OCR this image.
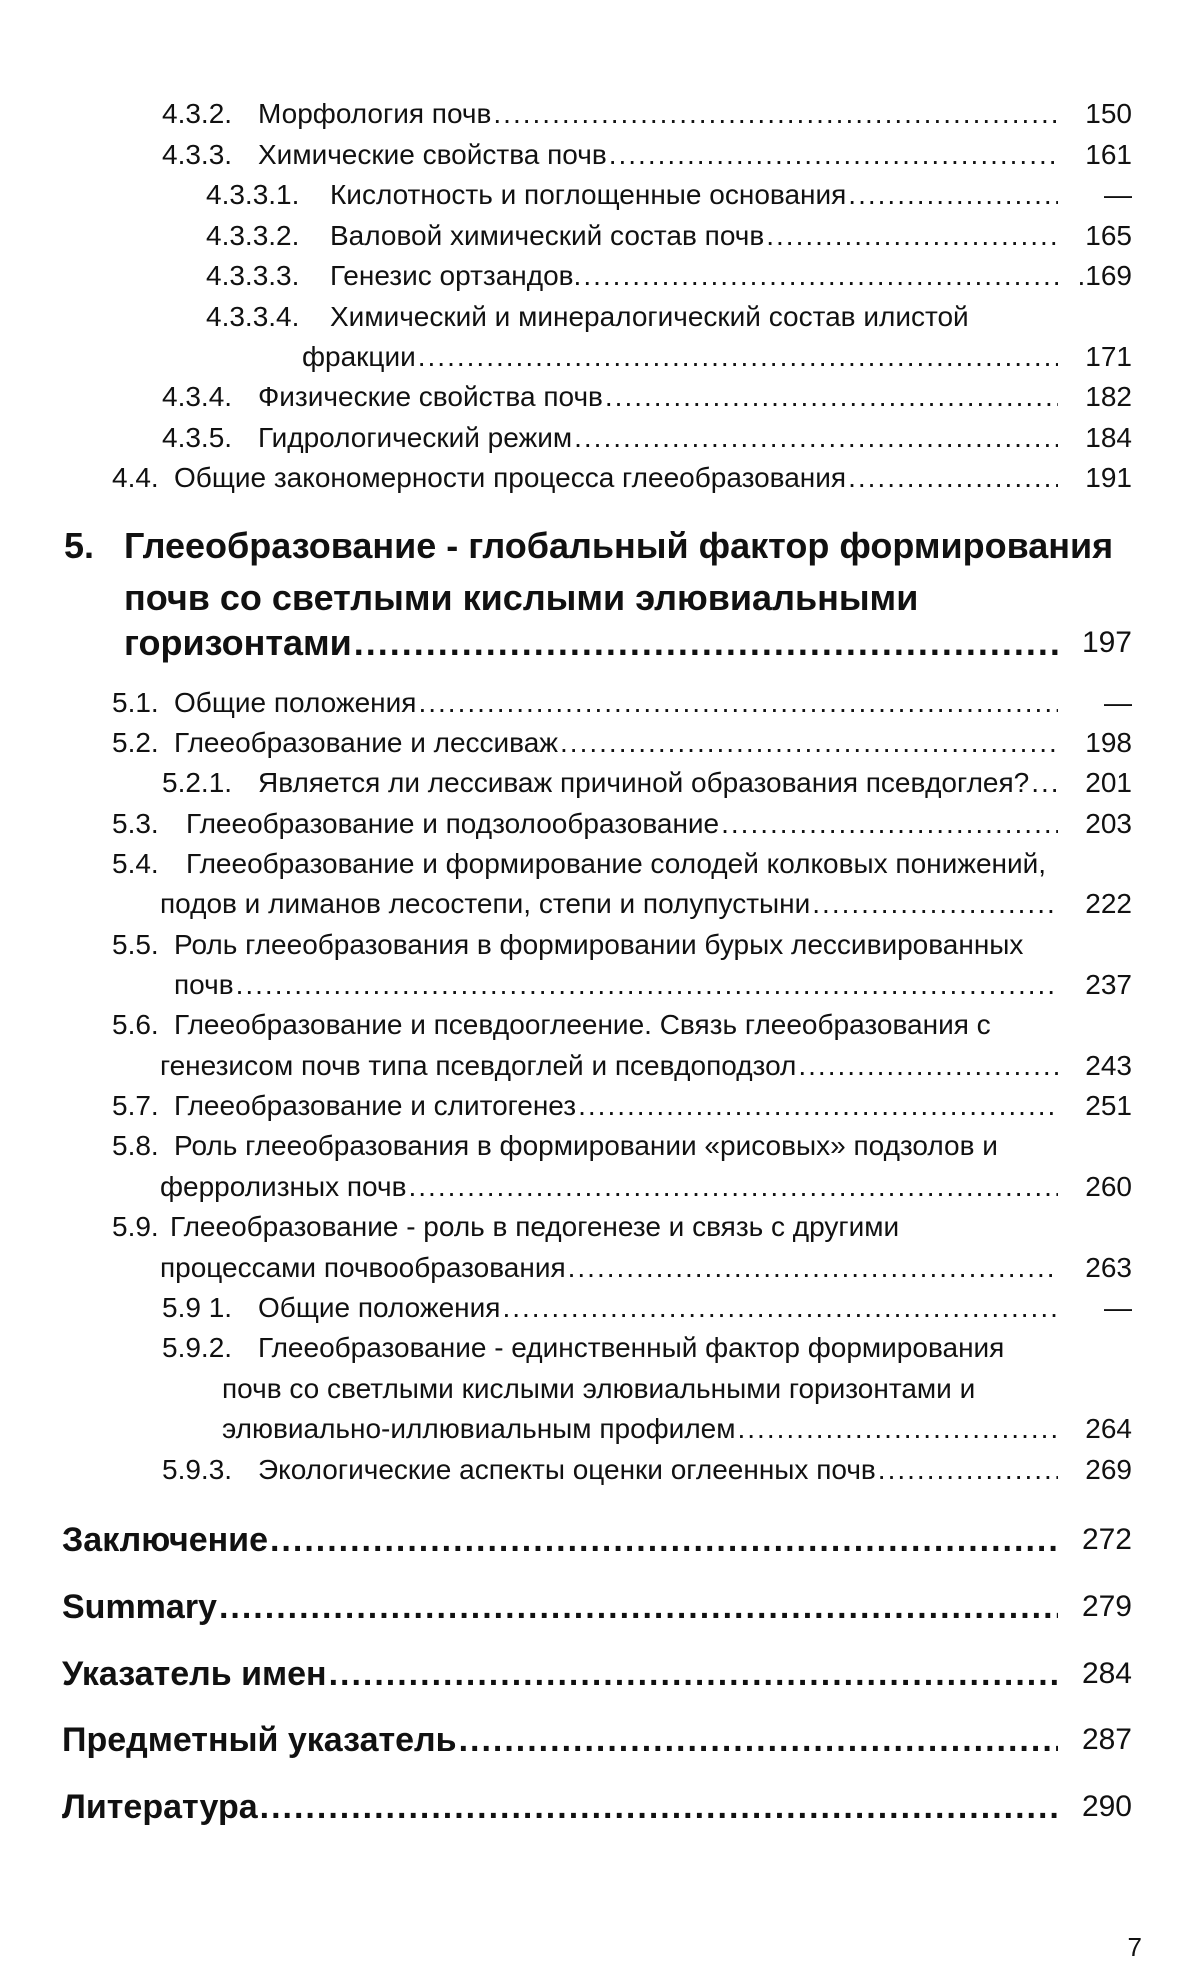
4.3.2. Морфология почв .....	150
4.3.3. Химические свойства почв .....	161
4.3.3.1.	Кислотность и поглощенные основания .....	—
4.3.3.2.	Валовой химический состав почв .....	165
4.3.3.3.	Генезис ортзандов. .....	.169
4.3.3.4.	Химический и минералогический состав илистой
фракции .....	171
4.3.4. Физические свойства почв .....	182
4.3.5. Гидрологический режим .....	184
4.4. Общие закономерности процесса глееобразования .....	191
5. Глееобразование - глобальный фактор формирования
почв со светлыми кислыми элювиальными
горизонтами .....	197
5.1. Общие положения .....	—
5.2. Глееобразование и лессиваж .....	198
5.2.1. Является ли лессиваж причиной образования псевдоглея? .....	201
5.3. Глееобразование и подзолообразование .....	203
5.4. Глееобразование и формирование солодей колковых понижений,
подов и лиманов лесостепи, степи и полупустыни .....	222
5.5. Роль глееобразования в формировании бурых лессивированных
почв .....	237
5.6. Глееобразование и псевдооглеение. Связь глееобразования с
генезисом почв типа псевдоглей и псевдоподзол .....	243
5.7. Глееобразование и слитогенез .....	251
5.8. Роль глееобразования в формировании «рисовых» подзолов и
ферролизных почв .....	260
5.9. Глееобразование - роль в педогенезе и связь с другими
процессами почвообразования .....	263
5.9 1. Общие положения .....	—
5.9.2. Глееобразование - единственный фактор формирования
почв со светлыми кислыми элювиальными горизонтами и
элювиально-иллювиальным профилем .....	264
5.9.3. Экологические аспекты оценки оглеенных почв .....	269
Заключение .....	272
Summary .....	279
Указатель имен .....	284
Предметный указатель .....	287
Литература .....	290
7
